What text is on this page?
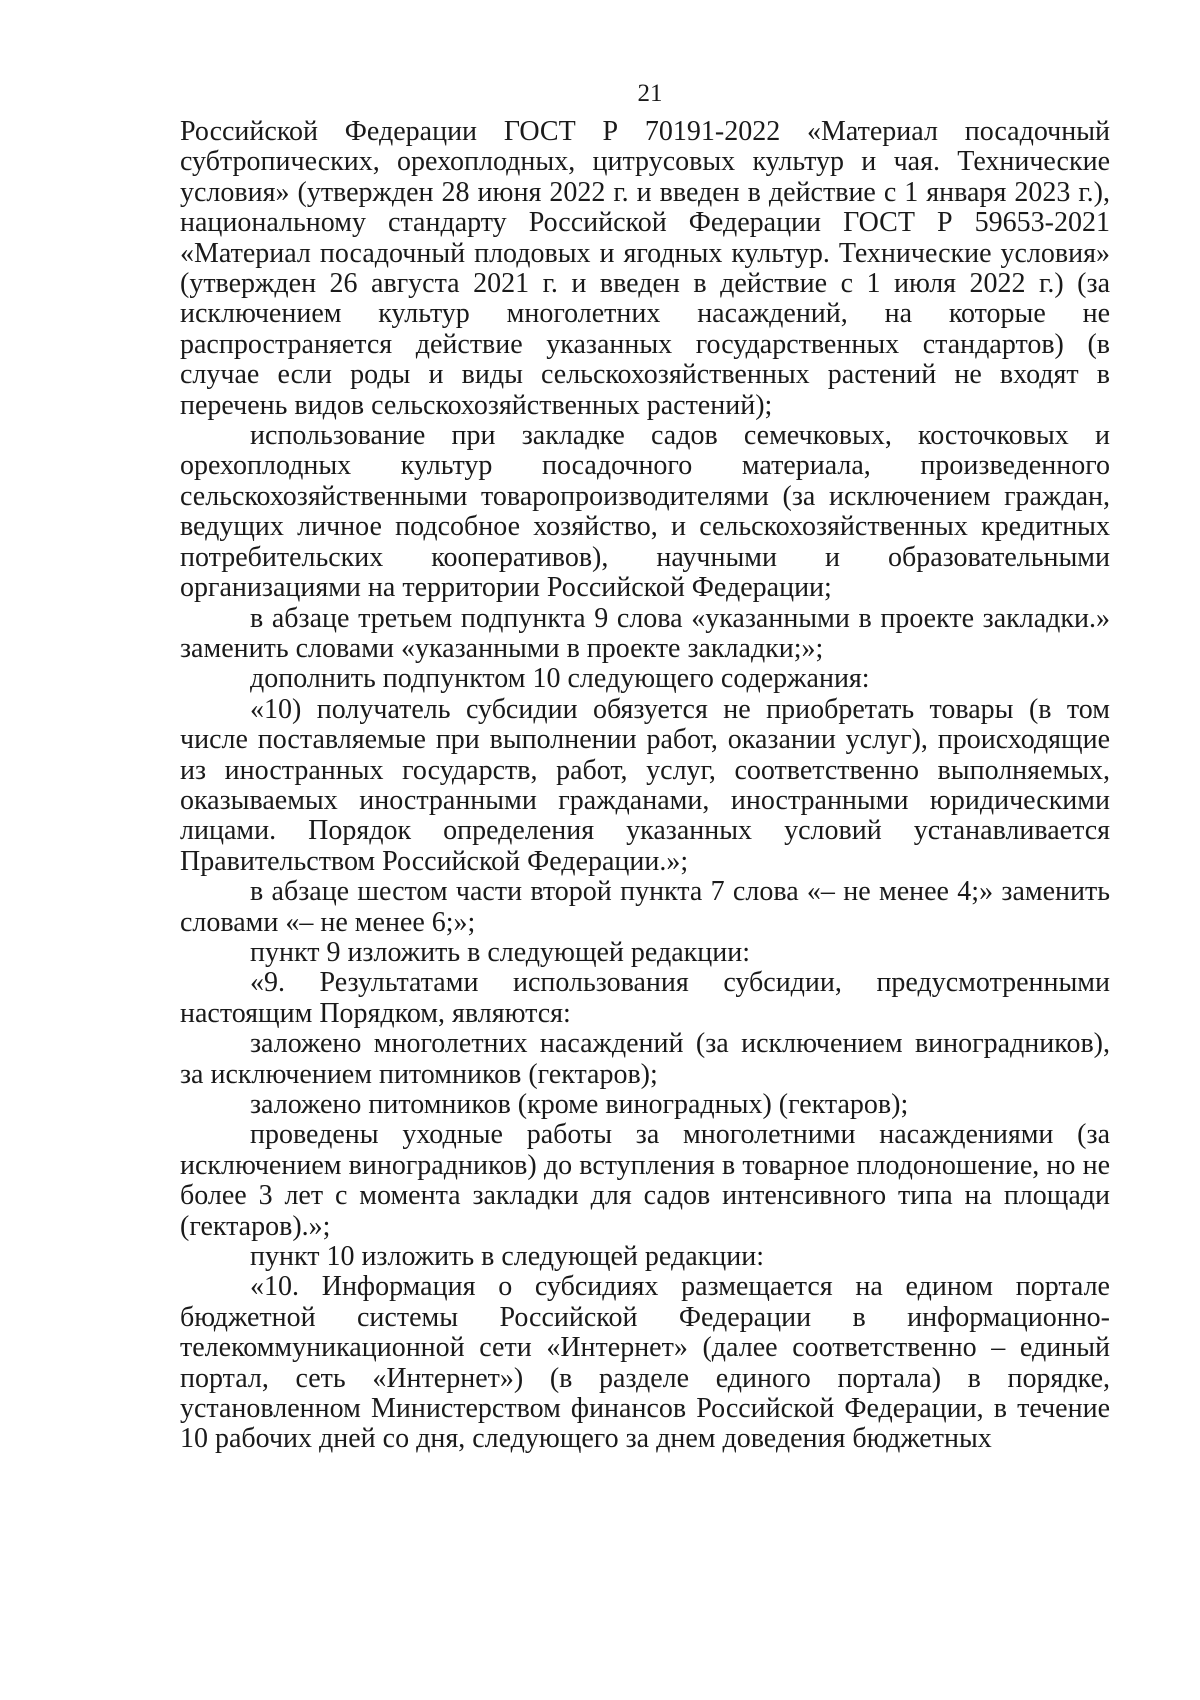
21

Российской Федерации ГОСТ Р 70191-2022 «Материал посадочный субтропических, орехоплодных, цитрусовых культур и чая. Технические условия» (утвержден 28 июня 2022 г. и введен в действие с 1 января 2023 г.), национальному стандарту Российской Федерации ГОСТ Р 59653-2021 «Материал посадочный плодовых и ягодных культур. Технические условия» (утвержден 26 августа 2021 г. и введен в действие с 1 июля 2022 г.) (за исключением культур многолетних насаждений, на которые не распространяется действие указанных государственных стандартов) (в случае если роды и виды сельскохозяйственных растений не входят в перечень видов сельскохозяйственных растений);

использование при закладке садов семечковых, косточковых и орехоплодных культур посадочного материала, произведенного сельскохозяйственными товаропроизводителями (за исключением граждан, ведущих личное подсобное хозяйство, и сельскохозяйственных кредитных потребительских кооперативов), научными и образовательными организациями на территории Российской Федерации;

в абзаце третьем подпункта 9 слова «указанными в проекте закладки.» заменить словами «указанными в проекте закладки;»;

дополнить подпунктом 10 следующего содержания:

«10) получатель субсидии обязуется не приобретать товары (в том числе поставляемые при выполнении работ, оказании услуг), происходящие из иностранных государств, работ, услуг, соответственно выполняемых, оказываемых иностранными гражданами, иностранными юридическими лицами. Порядок определения указанных условий устанавливается Правительством Российской Федерации.»;

в абзаце шестом части второй пункта 7 слова «– не менее 4;» заменить словами «– не менее 6;»;

пункт 9 изложить в следующей редакции:

«9. Результатами использования субсидии, предусмотренными настоящим Порядком, являются:

заложено многолетних насаждений (за исключением виноградников), за исключением питомников (гектаров);

заложено питомников (кроме виноградных) (гектаров);

проведены уходные работы за многолетними насаждениями (за исключением виноградников) до вступления в товарное плодоношение, но не более 3 лет с момента закладки для садов интенсивного типа на площади (гектаров).»;

пункт 10 изложить в следующей редакции:

«10. Информация о субсидиях размещается на едином портале бюджетной системы Российской Федерации в информационно-телекоммуникационной сети «Интернет» (далее соответственно – единый портал, сеть «Интернет») (в разделе единого портала) в порядке, установленном Министерством финансов Российской Федерации, в течение 10 рабочих дней со дня, следующего за днем доведения бюджетных
